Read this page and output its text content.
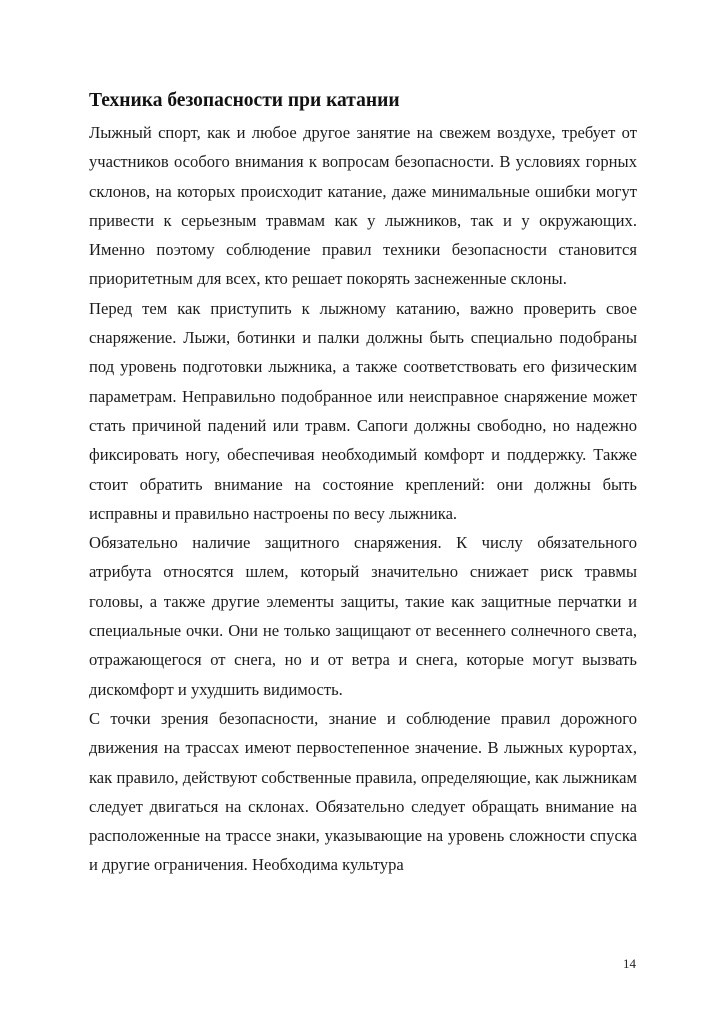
Техника безопасности при катании

Лыжный спорт, как и любое другое занятие на свежем воздухе, требует от участников особого внимания к вопросам безопасности. В условиях горных склонов, на которых происходит катание, даже минимальные ошибки могут привести к серьезным травмам как у лыжников, так и у окружающих. Именно поэтому соблюдение правил техники безопасности становится приоритетным для всех, кто решает покорять заснеженные склоны.

Перед тем как приступить к лыжному катанию, важно проверить свое снаряжение. Лыжи, ботинки и палки должны быть специально подобраны под уровень подготовки лыжника, а также соответствовать его физическим параметрам. Неправильно подобранное или неисправное снаряжение может стать причиной падений или травм. Сапоги должны свободно, но надежно фиксировать ногу, обеспечивая необходимый комфорт и поддержку. Также стоит обратить внимание на состояние креплений: они должны быть исправны и правильно настроены по весу лыжника.

Обязательно наличие защитного снаряжения. К числу обязательного атрибута относятся шлем, который значительно снижает риск травмы головы, а также другие элементы защиты, такие как защитные перчатки и специальные очки. Они не только защищают от весеннего солнечного света, отражающегося от снега, но и от ветра и снега, которые могут вызвать дискомфорт и ухудшить видимость.

С точки зрения безопасности, знание и соблюдение правил дорожного движения на трассах имеют первостепенное значение. В лыжных курортах, как правило, действуют собственные правила, определяющие, как лыжникам следует двигаться на склонах. Обязательно следует обращать внимание на расположенные на трассе знаки, указывающие на уровень сложности спуска и другие ограничения. Необходима культура

14
